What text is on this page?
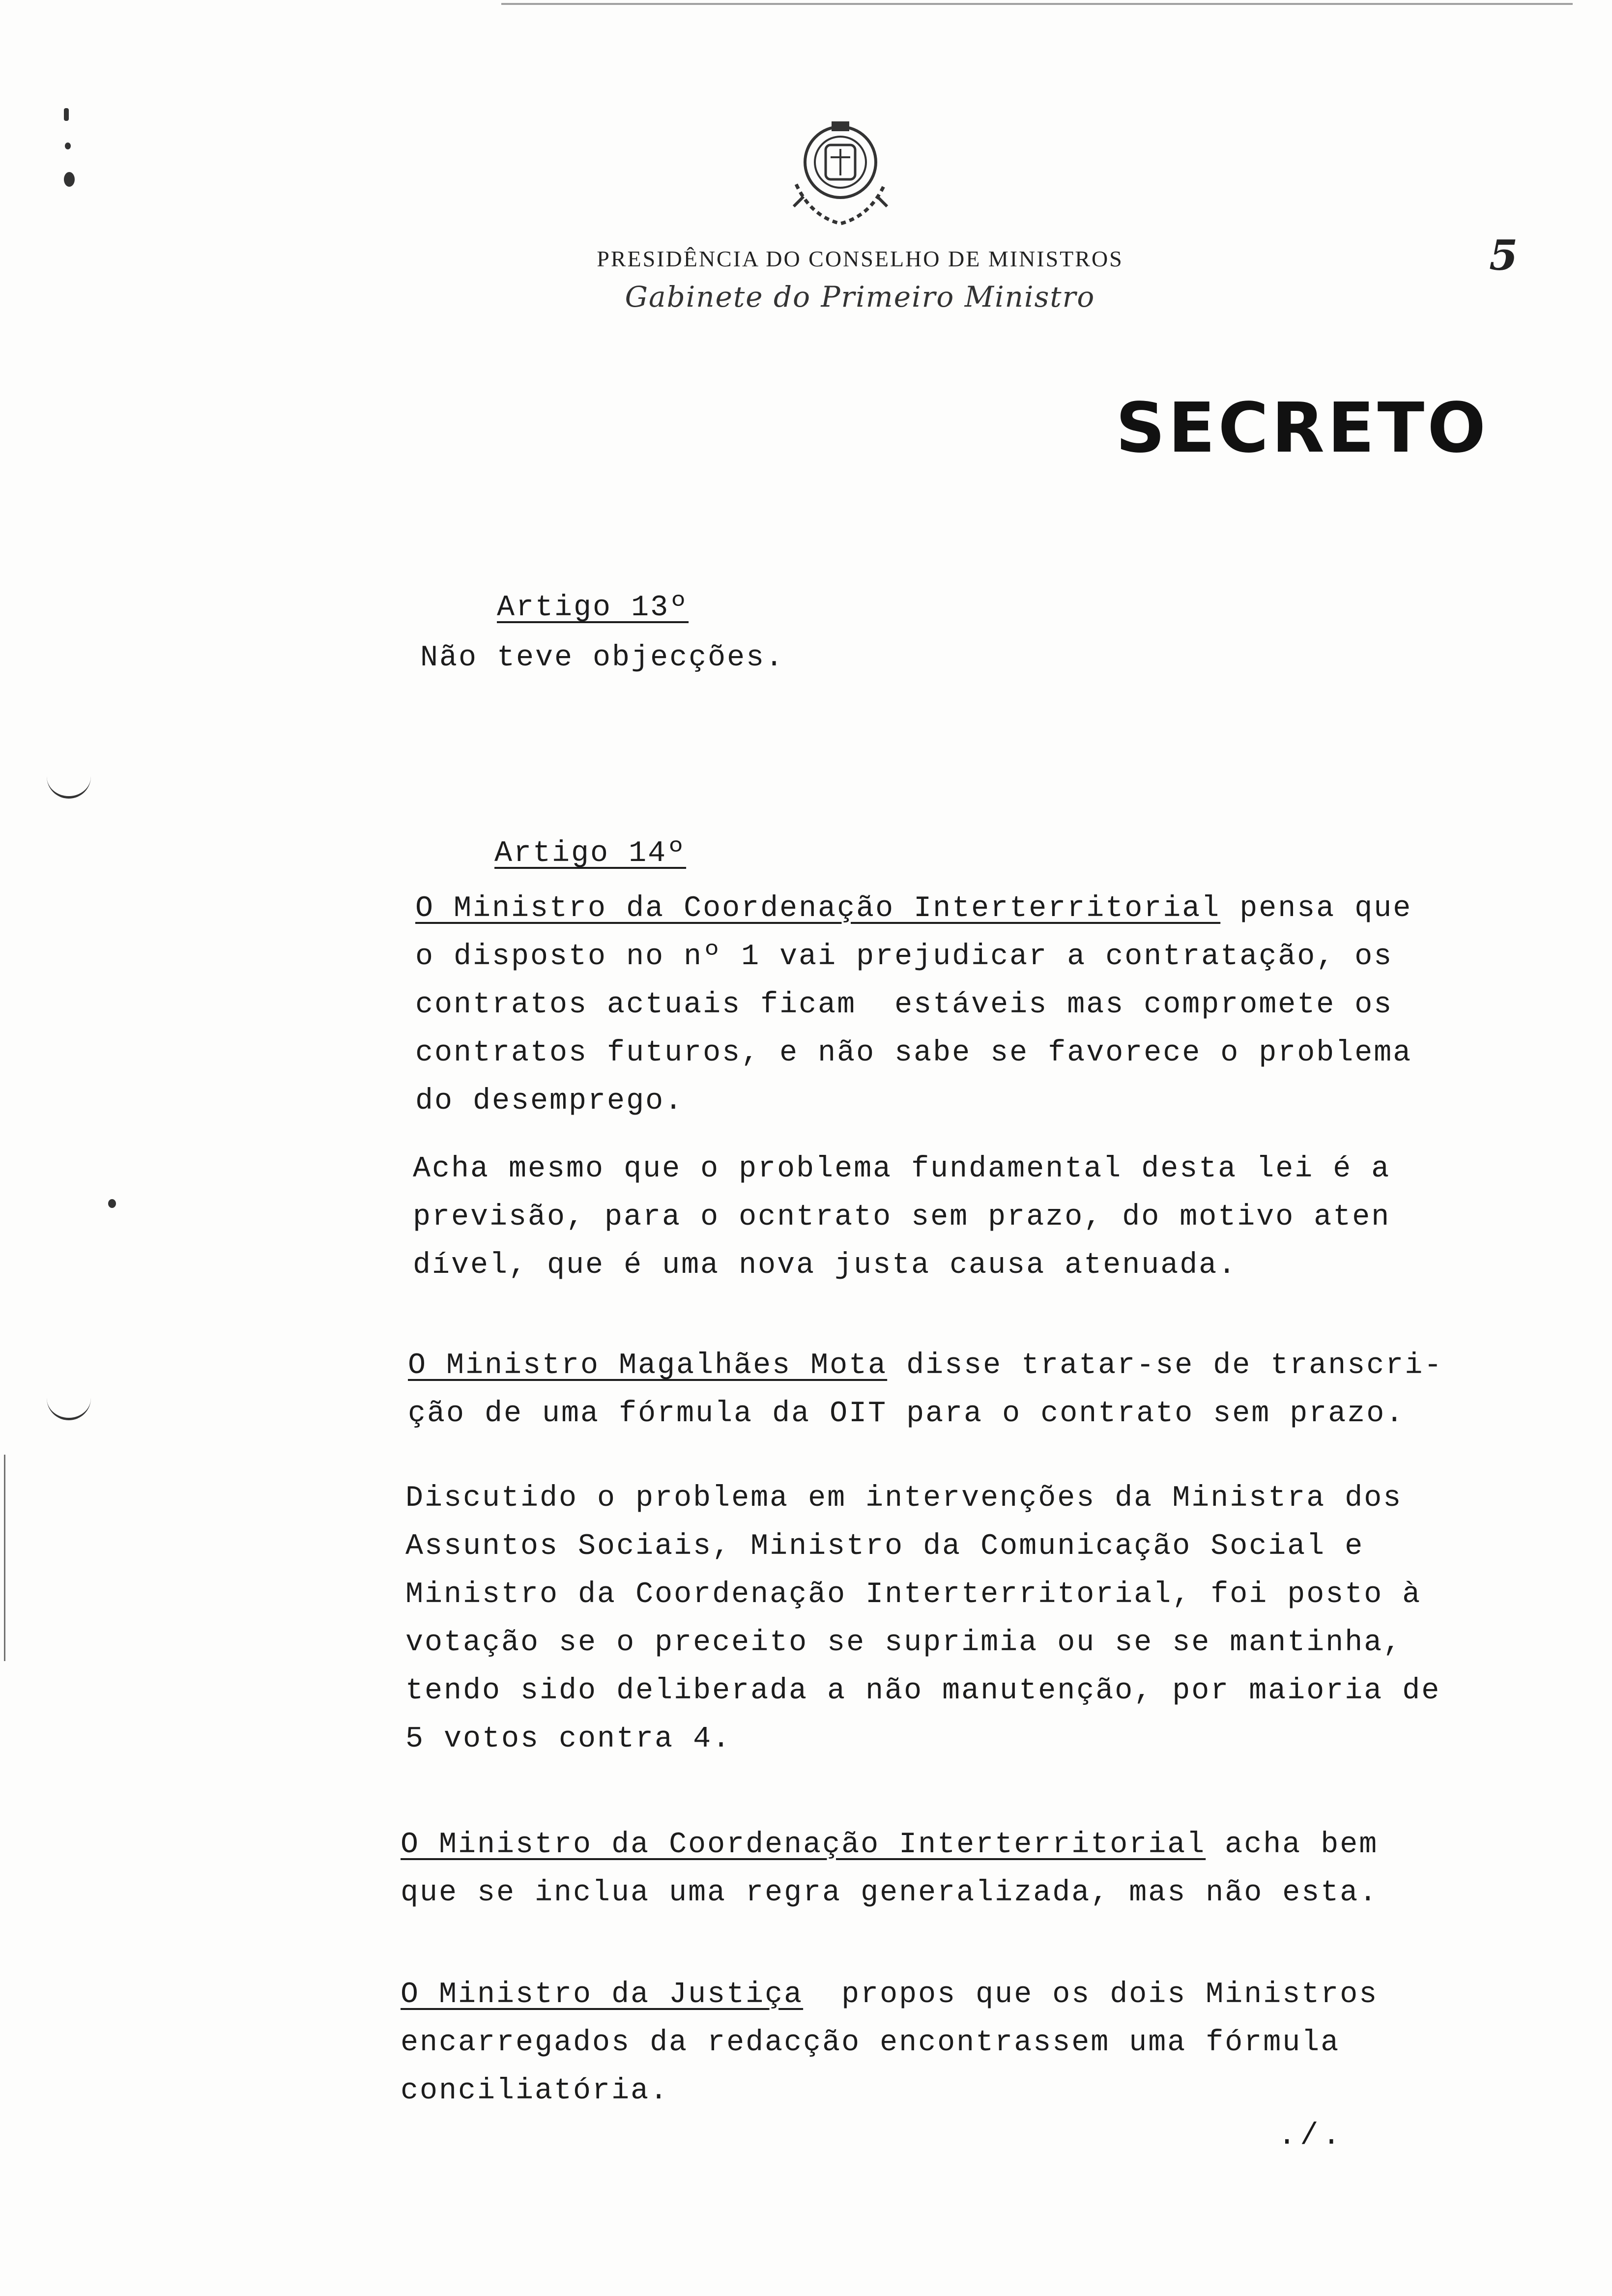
PRESIDÊNCIA DO CONSELHO DE MINISTROS
Gabinete do Primeiro Ministro
5
SECRETO

Artigo 13º

Não teve objecções.

Artigo 14º

O Ministro da Coordenação Interterritorial pensa que
o disposto no nº 1 vai prejudicar a contratação, os
contratos actuais ficam  estáveis mas compromete os
contratos futuros, e não sabe se favorece o problema
do desemprego.
Acha mesmo que o problema fundamental desta lei é a
previsão, para o ocntrato sem prazo, do motivo aten
dível, que é uma nova justa causa atenuada.
O Ministro Magalhães Mota disse tratar-se de transcri-
ção de uma fórmula da OIT para o contrato sem prazo.
Discutido o problema em intervenções da Ministra dos
Assuntos Sociais, Ministro da Comunicação Social e
Ministro da Coordenação Interterritorial, foi posto à
votação se o preceito se suprimia ou se se mantinha,
tendo sido deliberada a não manutenção, por maioria de
5 votos contra 4.
O Ministro da Coordenação Interterritorial acha bem
que se inclua uma regra generalizada, mas não esta.
O Ministro da Justiça  propos que os dois Ministros
encarregados da redacção encontrassem uma fórmula
conciliatória.
./.
